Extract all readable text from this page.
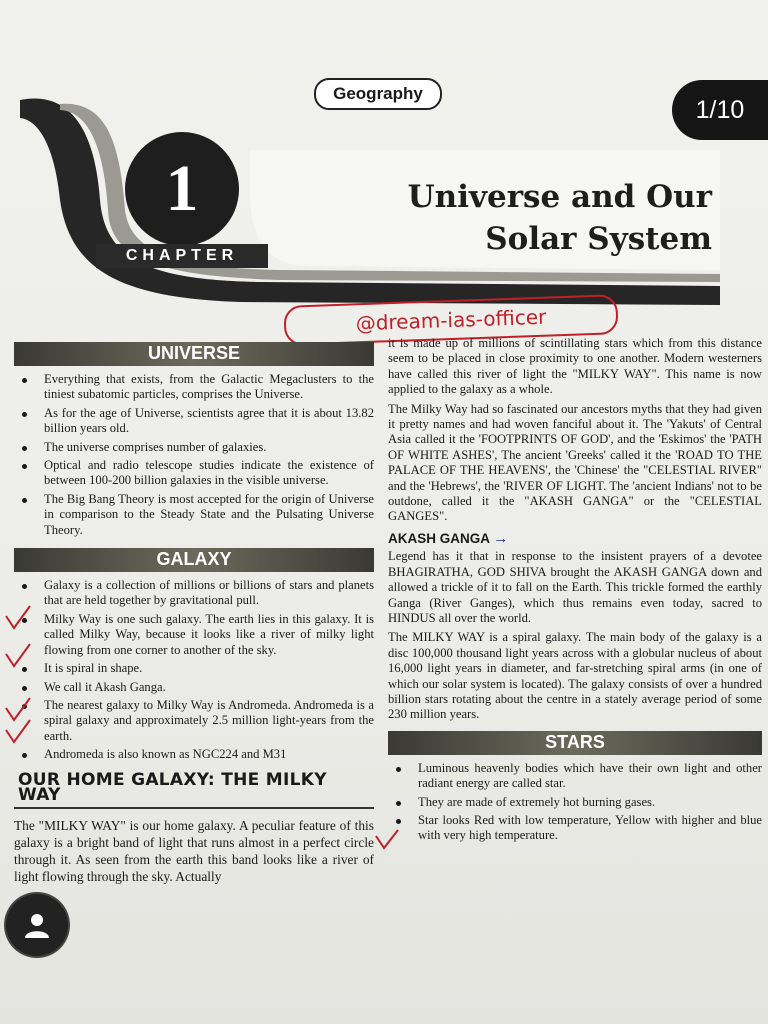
Geography
1/10
1
CHAPTER
Universe and Our
Solar System
@dream-ias-officer
UNIVERSE
Everything that exists, from the Galactic Megaclusters to the tiniest subatomic particles, comprises the Universe.
As for the age of Universe, scientists agree that it is about 13.82 billion years old.
The universe comprises number of galaxies.
Optical and radio telescope studies indicate the existence of between 100-200 billion galaxies in the visible universe.
The Big Bang Theory is most accepted for the origin of Universe in comparison to the Steady State and the Pulsating Universe Theory.
GALAXY
Galaxy is a collection of millions or billions of stars and planets that are held together by gravitational pull.
Milky Way is one such galaxy. The earth lies in this galaxy. It is called Milky Way, because it looks like a river of milky light flowing from one corner to another of the sky.
It is spiral in shape.
We call it Akash Ganga.
The nearest galaxy to Milky Way is Andromeda. Andromeda is a spiral galaxy and approximately 2.5 million light-years from the earth.
Andromeda is also known as NGC224 and M31
OUR HOME GALAXY: THE MILKY WAY

The "MILKY WAY" is our home galaxy. A peculiar feature of this galaxy is a bright band of light that runs almost in a perfect circle through it. As seen from the earth this band looks like a river of light flowing through the sky. Actually

it is made up of millions of scintillating stars which from this distance seem to be placed in close proximity to one another. Modern westerners have called this river of light the "MILKY WAY". This name is now applied to the galaxy as a whole.

The Milky Way had so fascinated our ancestors myths that they had given it pretty names and had woven fanciful about it. The 'Yakuts' of Central Asia called it the 'FOOTPRINTS OF GOD', and the 'Eskimos' the 'PATH OF WHITE ASHES', The ancient 'Greeks' called it the 'ROAD TO THE PALACE OF THE HEAVENS', the 'Chinese' the "CELESTIAL RIVER" and the 'Hebrews', the 'RIVER OF LIGHT. The 'ancient Indians' not to be outdone, called it the "AKASH GANGA" or the "CELESTIAL GANGES".

AKASH GANGA →

Legend has it that in response to the insistent prayers of a devotee BHAGIRATHA, GOD SHIVA brought the AKASH GANGA down and allowed a trickle of it to fall on the Earth. This trickle formed the earthly Ganga (River Ganges), which thus remains even today, sacred to HINDUS all over the world.

The MILKY WAY is a spiral galaxy. The main body of the galaxy is a disc 100,000 thousand light years across with a globular nucleus of about 16,000 light years in diameter, and far-stretching spiral arms (in one of which our solar system is located). The galaxy consists of over a hundred billion stars rotating about the centre in a stately average period of some 230 million years.

STARS
Luminous heavenly bodies which have their own light and other radiant energy are called star.
They are made of extremely hot burning gases.
Star looks Red with low temperature, Yellow with higher and blue with very high temperature.
